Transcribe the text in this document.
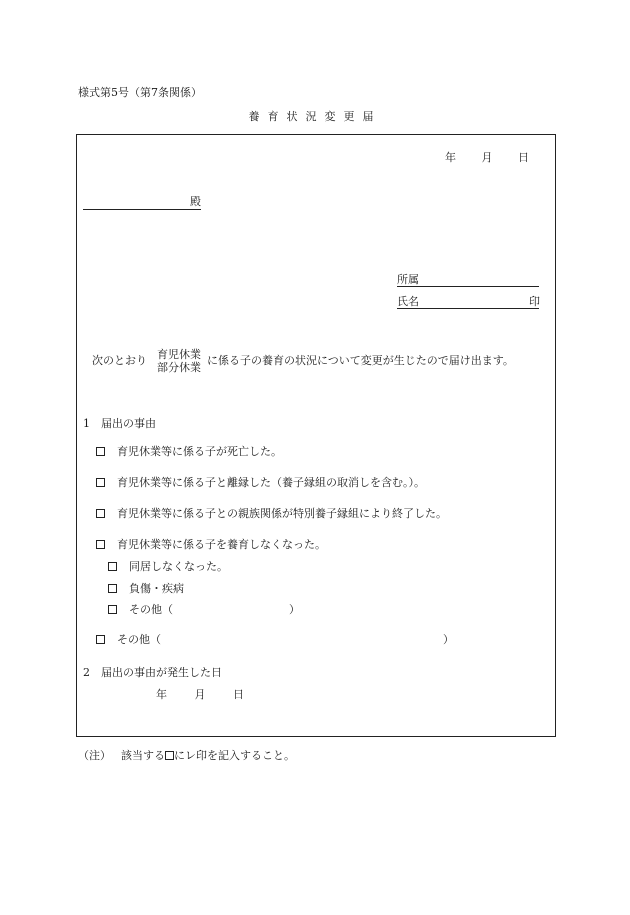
様式第5号（第7条関係）
養育状況変更届
年 月 日
殿
所属
氏名	印
次のとおり 育児休業
部分休業
に係る子の養育の状況について変更が生じたので届け出ます。
1　届出の事由
育児休業等に係る子が死亡した。
育児休業等に係る子と離縁した（養子縁組の取消しを含む。）。
育児休業等に係る子との親族関係が特別養子縁組により終了した。
育児休業等に係る子を養育しなくなった。
同居しなくなった。
負傷・疾病
その他（	）
その他（	）
2　届出の事由が発生した日
年	月	日
（注） 該当する にレ印を記入すること。
